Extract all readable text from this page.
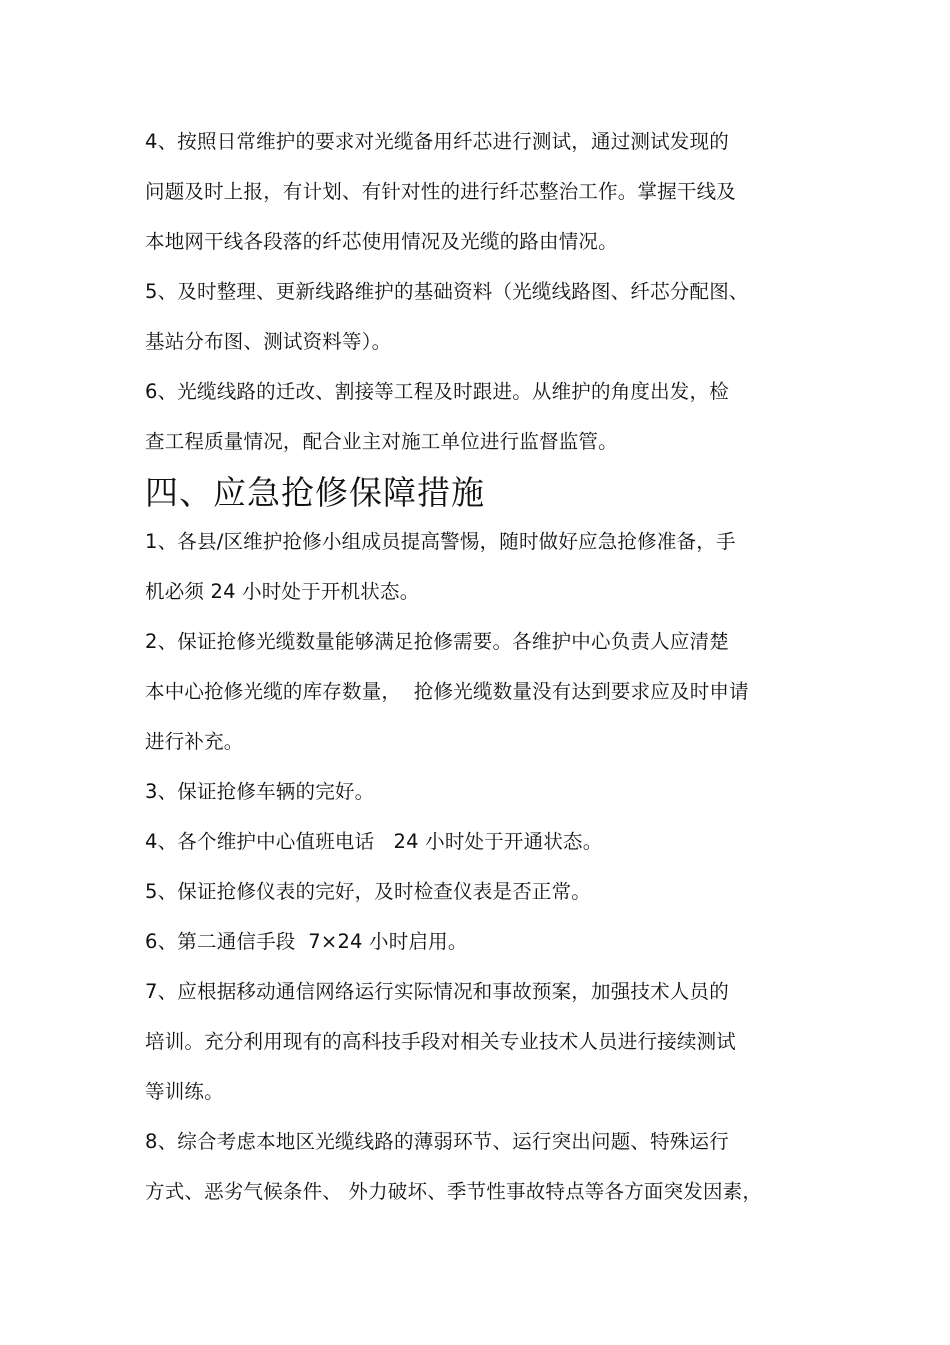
4、按照日常维护的要求对光缆备用纤芯进行测试，通过测试发现的
问题及时上报，有计划、有针对性的进行纤芯整治工作。掌握干线及
本地网干线各段落的纤芯使用情况及光缆的路由情况。
5、及时整理、更新线路维护的基础资料（光缆线路图、纤芯分配图、
基站分布图、测试资料等）。
6、光缆线路的迁改、割接等工程及时跟进。从维护的角度出发，检
查工程质量情况，配合业主对施工单位进行监督监管。
四、应急抢修保障措施
1、各县/区维护抢修小组成员提高警惕，随时做好应急抢修准备，手
机必须 24 小时处于开机状态。
2、保证抢修光缆数量能够满足抢修需要。各维护中心负责人应清楚
本中心抢修光缆的库存数量，  抢修光缆数量没有达到要求应及时申请
进行补充。
3、保证抢修车辆的完好。
4、各个维护中心值班电话   24 小时处于开通状态。
5、保证抢修仪表的完好，及时检查仪表是否正常。
6、第二通信手段  7×24 小时启用。
7、应根据移动通信网络运行实际情况和事故预案，加强技术人员的
培训。充分利用现有的高科技手段对相关专业技术人员进行接续测试
等训练。
8、综合考虑本地区光缆线路的薄弱环节、运行突出问题、特殊运行
方式、恶劣气候条件、 外力破坏、季节性事故特点等各方面突发因素，
